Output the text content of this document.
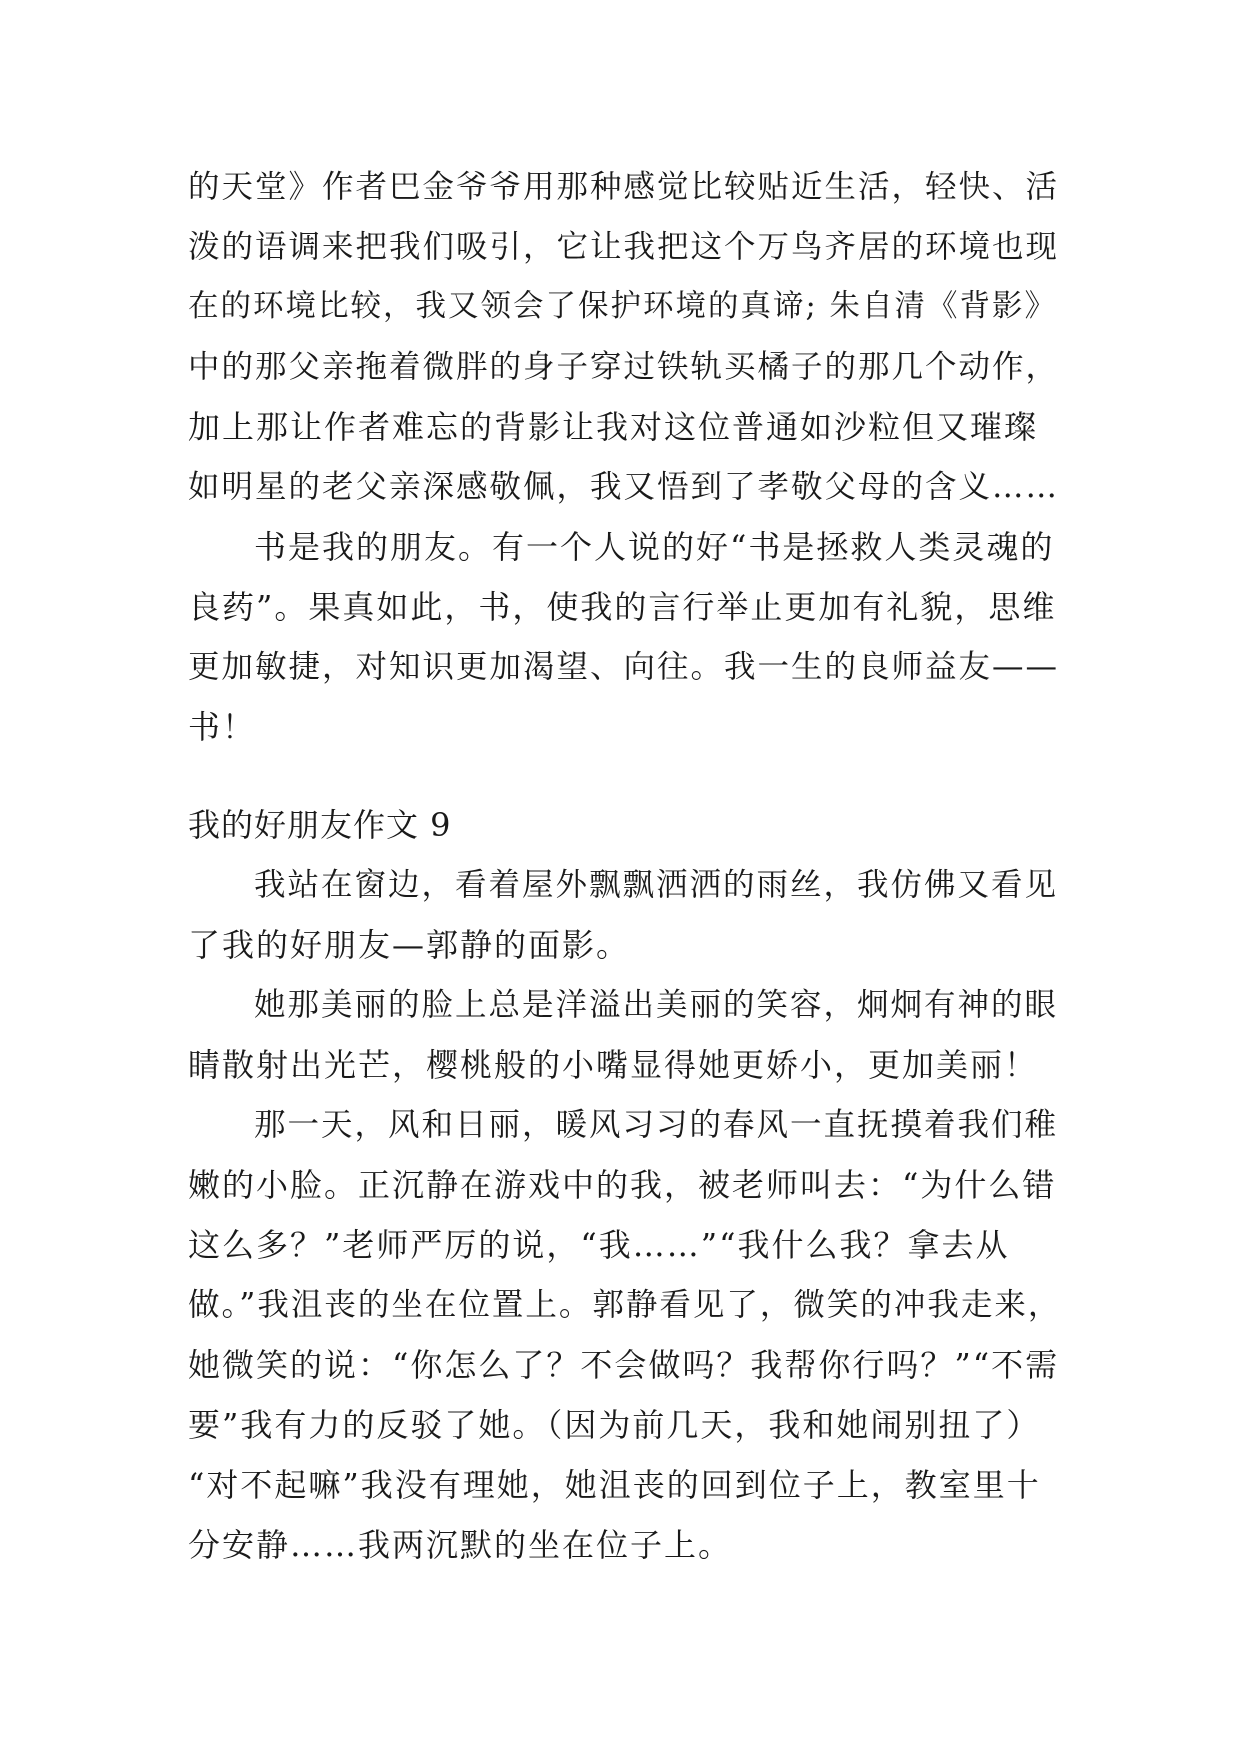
的天堂》作者巴金爷爷用那种感觉比较贴近生活，轻快、活
泼的语调来把我们吸引，它让我把这个万鸟齐居的环境也现
在的环境比较，我又领会了保护环境的真谛; 朱自清《背影》
中的那父亲拖着微胖的身子穿过铁轨买橘子的那几个动作，
加上那让作者难忘的背影让我对这位普通如沙粒但又璀璨
如明星的老父亲深感敬佩，我又悟到了孝敬父母的含义……
书是我的朋友。有一个人说的好“书是拯救人类灵魂的
良药”。果真如此，书，使我的言行举止更加有礼貌，思维
更加敏捷，对知识更加渴望、向往。我一生的良师益友——
书！
我的好朋友作文 9
我站在窗边，看着屋外飘飘洒洒的雨丝，我仿佛又看见
了我的好朋友—郭静的面影。
她那美丽的脸上总是洋溢出美丽的笑容，炯炯有神的眼
睛散射出光芒，樱桃般的小嘴显得她更娇小，更加美丽！
那一天，风和日丽，暖风习习的春风一直抚摸着我们稚
嫩的小脸。正沉静在游戏中的我，被老师叫去：“为什么错
这么多？”老师严厉的说，“我……”“我什么我？拿去从
做。”我沮丧的坐在位置上。郭静看见了，微笑的冲我走来，
她微笑的说：“你怎么了？不会做吗？我帮你行吗？”“不需
要”我有力的反驳了她。（因为前几天，我和她闹别扭了）
“对不起嘛”我没有理她，她沮丧的回到位子上，教室里十
分安静……我两沉默的坐在位子上。
